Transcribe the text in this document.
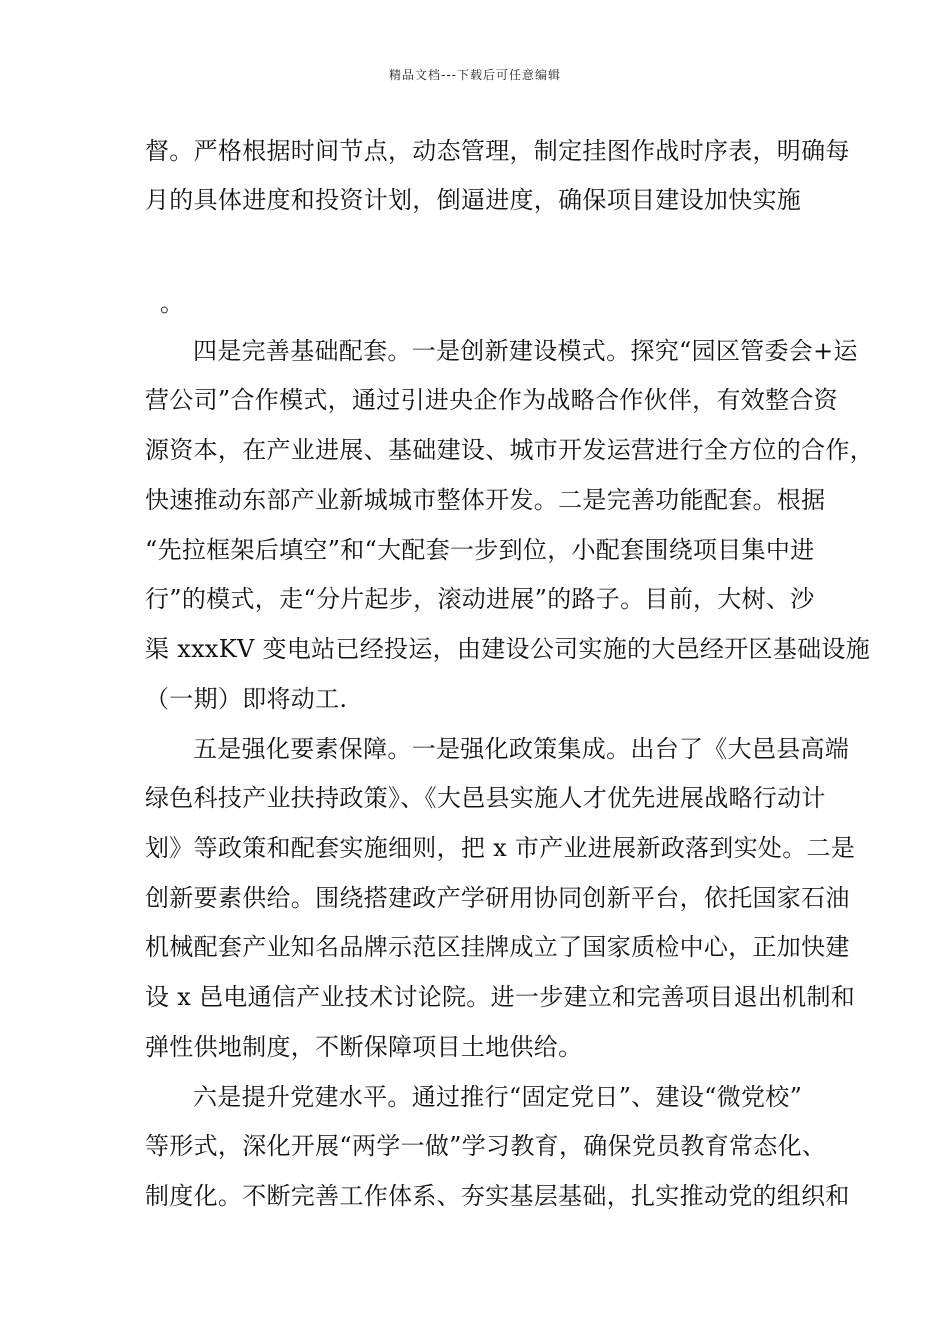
精品文档---下载后可任意编辑
督。严格根据时间节点，动态管理，制定挂图作战时序表，明确每
月的具体进度和投资计划，倒逼进度，确保项目建设加快实施
。
四是完善基础配套。一是创新建设模式。探究“园区管委会+运
营公司”合作模式，通过引进央企作为战略合作伙伴，有效整合资
源资本，在产业进展、基础建设、城市开发运营进行全方位的合作，
快速推动东部产业新城城市整体开发。二是完善功能配套。根据
“先拉框架后填空”和“大配套一步到位，小配套围绕项目集中进
行”的模式，走“分片起步，滚动进展”的路子。目前，大树、沙
渠 xxxKV 变电站已经投运，由建设公司实施的大邑经开区基础设施
（一期）即将动工.
五是强化要素保障。一是强化政策集成。出台了《大邑县高端
绿色科技产业扶持政策》、《大邑县实施人才优先进展战略行动计
划》等政策和配套实施细则，把 x 市产业进展新政落到实处。二是
创新要素供给。围绕搭建政产学研用协同创新平台，依托国家石油
机械配套产业知名品牌示范区挂牌成立了国家质检中心，正加快建
设 x 邑电通信产业技术讨论院。进一步建立和完善项目退出机制和
弹性供地制度，不断保障项目土地供给。
六是提升党建水平。通过推行“固定党日”、建设“微党校”
等形式，深化开展“两学一做”学习教育，确保党员教育常态化、
制度化。不断完善工作体系、夯实基层基础，扎实推动党的组织和
